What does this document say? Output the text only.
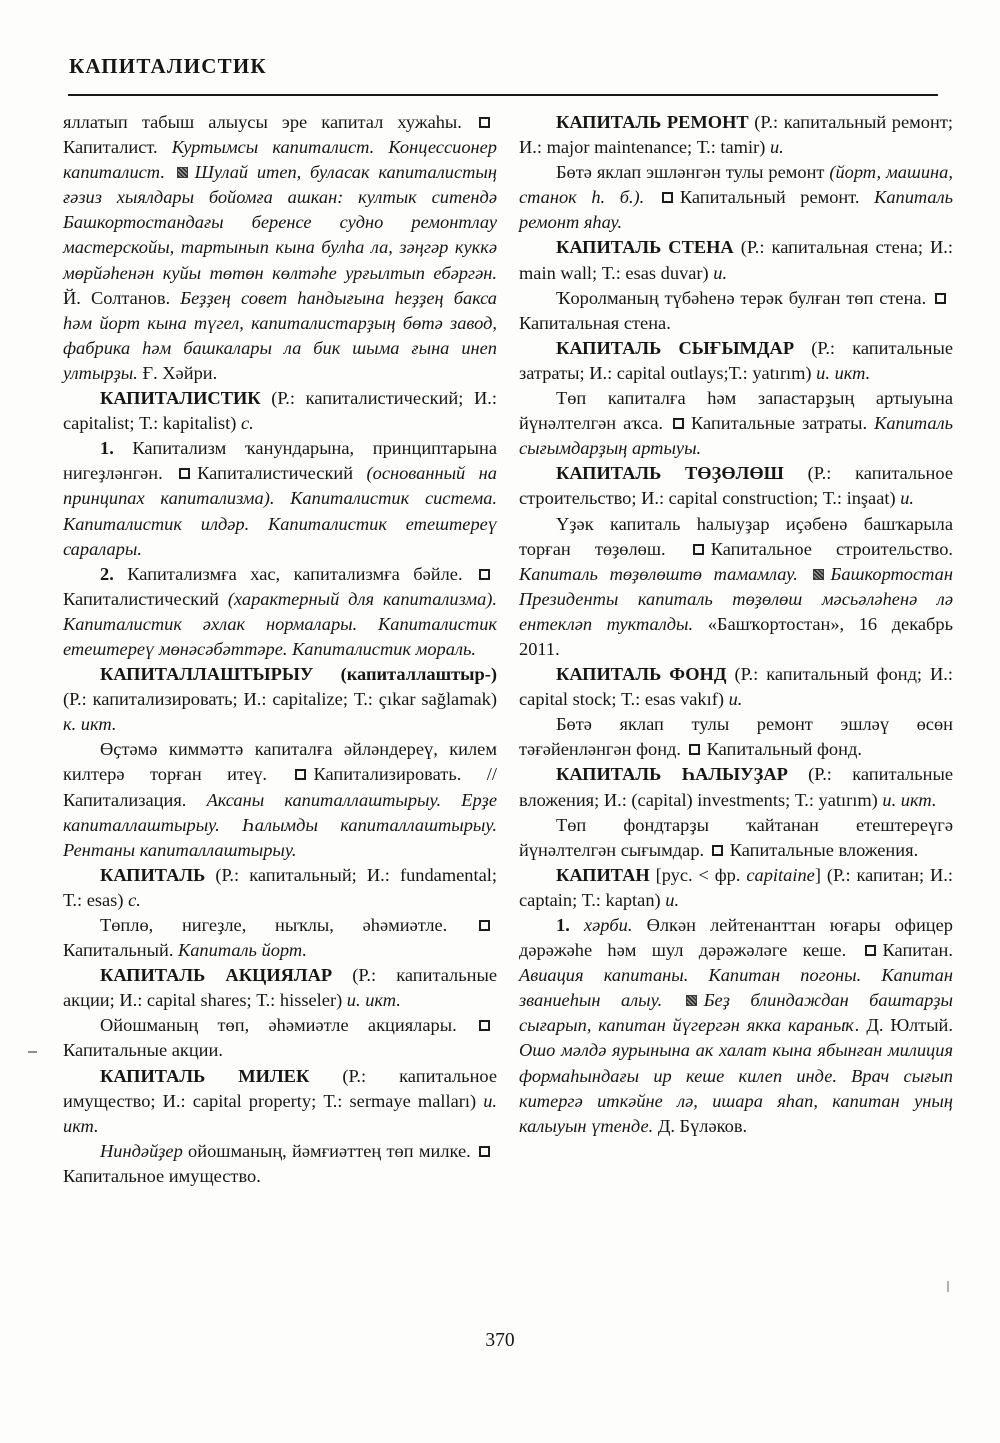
КАПИТАЛИСТИК

яллатып табыш алыусы эре капитал хужаһы. Капиталист. Куртымсы капиталист. Концессионер капиталист. Шулай итеп, буласак капиталистың ғәзиз хыялдары бойомға ашкан: култык ситендә Башкортостандағы беренсе судно ремонтлау мастерскойы, тартынып кына булһа ла, зәңгәр куккә мөрйәһенән куйы төтөн көлтәһе урғылтып ебәргән. Й. Солтанов. Беҙҙең совет һандығына һеҙҙең бакса һәм йорт кына түгел, капиталистарҙың бөтә завод, фабрика һәм башкалары ла бик шыма ғына инеп ултырҙы. Ғ. Хәйри.

КАПИТАЛИСТИК (Р.: капиталистический; И.: capitalist; Т.: kapitalist) с.

1. Капитализм ҡанундарына, принциптарына нигеҙләнгән. Капиталистический (основанный на принципах капитализма). Капиталистик система. Капиталистик илдәр. Капиталистик етештереү саралары.

2. Капитализмға хас, капитализмға бәйле. Капиталистический (характерный для капитализма). Капиталистик әхлак нормалары. Капиталистик етештереү мөнәсәбәттәре. Капиталистик мораль.

КАПИТАЛЛАШТЫРЫУ (капиталлаштыр-) (Р.: капитализировать; И.: capitalize; Т.: çıkar sağlamak) к. икт.

Өҫтәмә киммәттә капиталға әйләндереү, килем килтерә торған итеү. Капитализировать. // Капитализация. Аксаны капиталлаштырыу. Ерҙе капиталлаштырыу. Һалымды капиталлаштырыу. Рентаны капиталлаштырыу.

КАПИТАЛЬ (Р.: капитальный; И.: fundamental; Т.: esas) с.

Төплө, нигеҙле, ныҡлы, әһәмиәтле. Капитальный. Капиталь йорт.

КАПИТАЛЬ АКЦИЯЛАР (Р.: капитальные акции; И.: capital shares; Т.: hisseler) и. икт.

Ойошманың төп, әһәмиәтле акциялары. Капитальные акции.

КАПИТАЛЬ МИЛЕК (Р.: капитальное имущество; И.: capital property; Т.: sermaye malları) и. икт.

Ниндәйҙер ойошманың, йәмғиәттең төп милке. Капитальное имущество.

КАПИТАЛЬ РЕМОНТ (Р.: капитальный ремонт; И.: major maintenance; Т.: tamir) и.

Бөтә яклап эшләнгән тулы ремонт (йорт, машина, станок һ. б.). Капитальный ремонт. Капиталь ремонт яһау.

КАПИТАЛЬ СТЕНА (Р.: капитальная стена; И.: main wall; Т.: esas duvar) и.

Ҡоролманың түбәһенә терәк булған төп стена. Капитальная стена.

КАПИТАЛЬ СЫҒЫМДАР (Р.: капитальные затраты; И.: capital outlays;Т.: yatırım) и. икт.

Төп капиталға һәм запастарҙың артыуына йүнәлтелгән аҡса. Капитальные затраты. Капиталь сығымдарҙың артыуы.

КАПИТАЛЬ ТӨҘӨЛӨШ (Р.: капитальное строительство; И.: capital construction; Т.: inşaat) и.

Үҙәк капиталь һалыуҙар иҫәбенә башҡарыла торған төҙөлөш. Капитальное строительство. Капиталь төҙөлөштө тамамлау. Башкортостан Президенты капиталь төҙөлөш мәсьәләһенә лә ентекләп тукталды. «Башҡортостан», 16 декабрь 2011.

КАПИТАЛЬ ФОНД (Р.: капитальный фонд; И.: capital stock; Т.: esas vakıf) и.

Бөтә яклап тулы ремонт эшләү өсөн тәғәйенләнгән фонд. Капитальный фонд.

КАПИТАЛЬ ҺАЛЫУҘАР (Р.: капитальные вложения; И.: (capital) investments; Т.: yatırım) и. икт.

Төп фондтарҙы ҡайтанан етештереүгә йүнәлтелгән сығымдар. Капитальные вложения.

КАПИТАН [рус. < фр. capitaine] (Р.: капитан; И.: captain; Т.: kaptan) и.

1. хәрби. Өлкән лейтенанттан юғары офицер дәрәжәһе һәм шул дәрәжәләге кеше. Капитан. Авиация капитаны. Капитан погоны. Капитан званиеһын алыу. Беҙ блиндаждан баштарҙы сығарып, капитан йүгергән якка караныҡ. Д. Юлтый. Ошо мәлдә яурынына ак халат кына ябынған милиция формаһындағы ир кеше килеп инде. Врач сығып китергә иткәйне лә, ишара яһап, капитан уның калыуын үтенде. Д. Бүләков.

370
